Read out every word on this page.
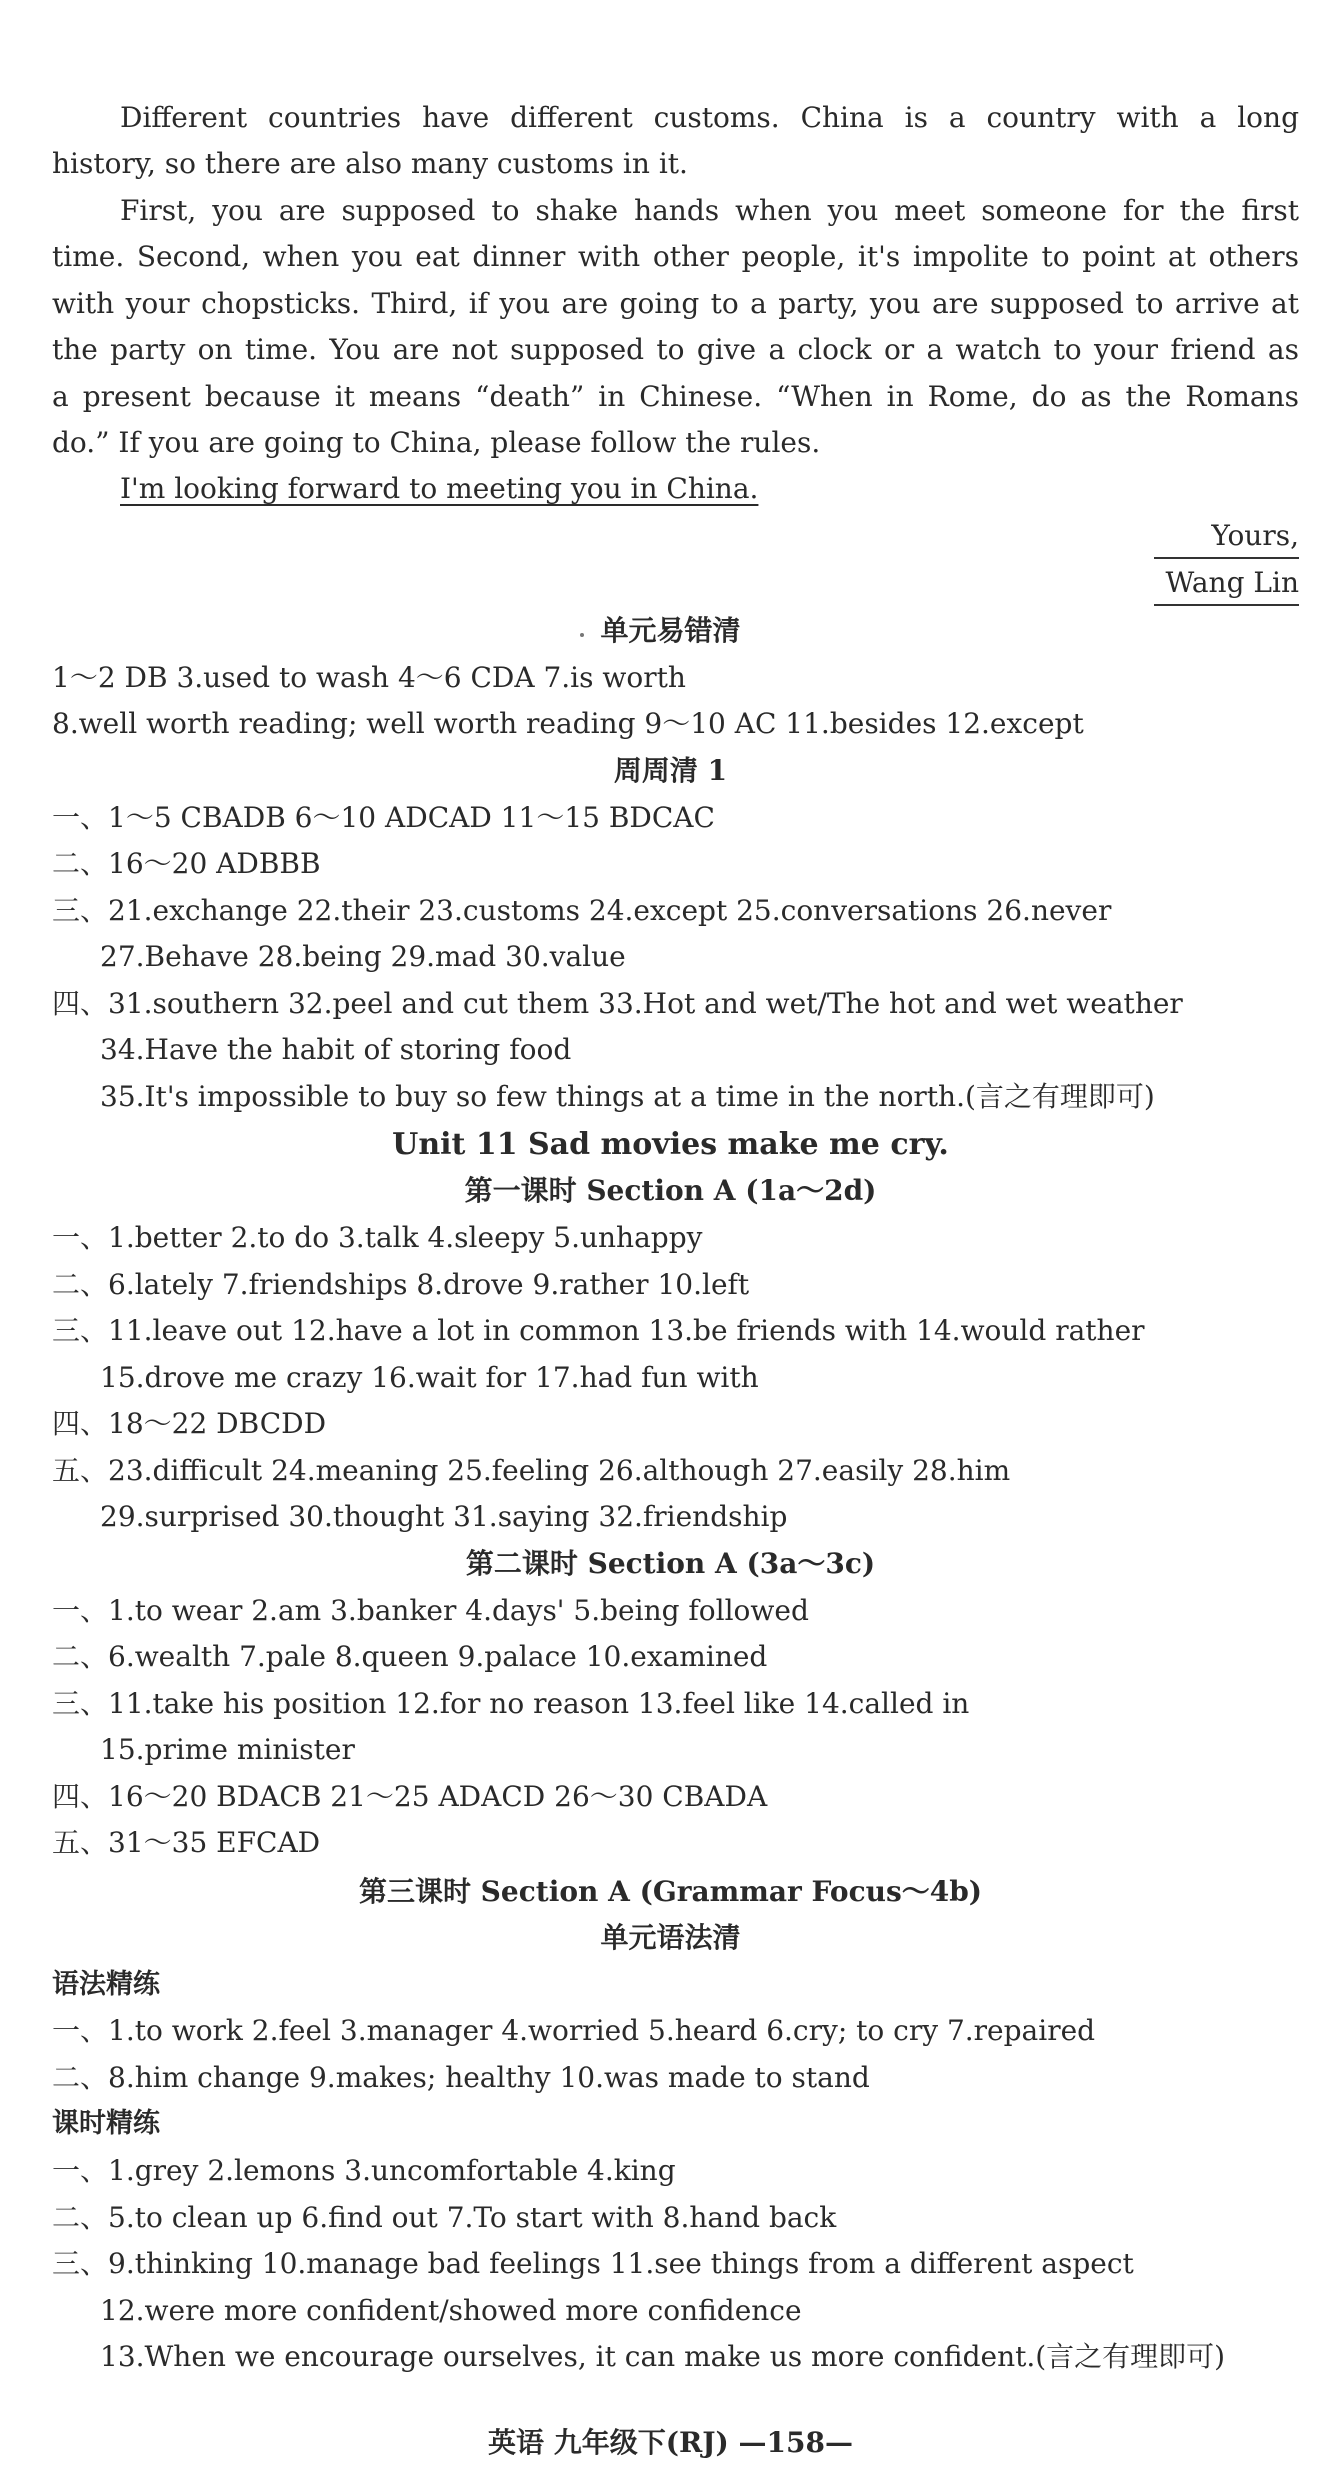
Different countries have different customs. China is a country with a long
history, so there are also many customs in it.
First, you are supposed to shake hands when you meet someone for the first
time. Second, when you eat dinner with other people, it's impolite to point at others
with your chopsticks. Third, if you are going to a party, you are supposed to arrive at
the party on time. You are not supposed to give a clock or a watch to your friend as
a present because it means “death” in Chinese. “When in Rome, do as the Romans
do.” If you are going to China, please follow the rules.
I'm looking forward to meeting you in China.
Yours,
Wang Lin
单元易错清
1～2 DB 3.used to wash 4～6 CDA 7.is worth
8.well worth reading; well worth reading 9～10 AC 11.besides 12.except
周周清 1
一、1～5 CBADB 6～10 ADCAD 11～15 BDCAC
二、16～20 ADBBB
三、21.exchange 22.their 23.customs 24.except 25.conversations 26.never
27.Behave 28.being 29.mad 30.value
四、31.southern 32.peel and cut them 33.Hot and wet/The hot and wet weather
34.Have the habit of storing food
35.It's impossible to buy so few things at a time in the north.(言之有理即可)
Unit 11 Sad movies make me cry.
第一课时 Section A (1a～2d)
一、1.better 2.to do 3.talk 4.sleepy 5.unhappy
二、6.lately 7.friendships 8.drove 9.rather 10.left
三、11.leave out 12.have a lot in common 13.be friends with 14.would rather
15.drove me crazy 16.wait for 17.had fun with
四、18～22 DBCDD
五、23.difficult 24.meaning 25.feeling 26.although 27.easily 28.him
29.surprised 30.thought 31.saying 32.friendship
第二课时 Section A (3a～3c)
一、1.to wear 2.am 3.banker 4.days' 5.being followed
二、6.wealth 7.pale 8.queen 9.palace 10.examined
三、11.take his position 12.for no reason 13.feel like 14.called in
15.prime minister
四、16～20 BDACB 21～25 ADACD 26～30 CBADA
五、31～35 EFCAD
第三课时 Section A (Grammar Focus～4b)
单元语法清
语法精练
一、1.to work 2.feel 3.manager 4.worried 5.heard 6.cry; to cry 7.repaired
二、8.him change 9.makes; healthy 10.was made to stand
课时精练
一、1.grey 2.lemons 3.uncomfortable 4.king
二、5.to clean up 6.find out 7.To start with 8.hand back
三、9.thinking 10.manage bad feelings 11.see things from a different aspect
12.were more confident/showed more confidence
13.When we encourage ourselves, it can make us more confident.(言之有理即可)
英语 九年级下(RJ) —158—
